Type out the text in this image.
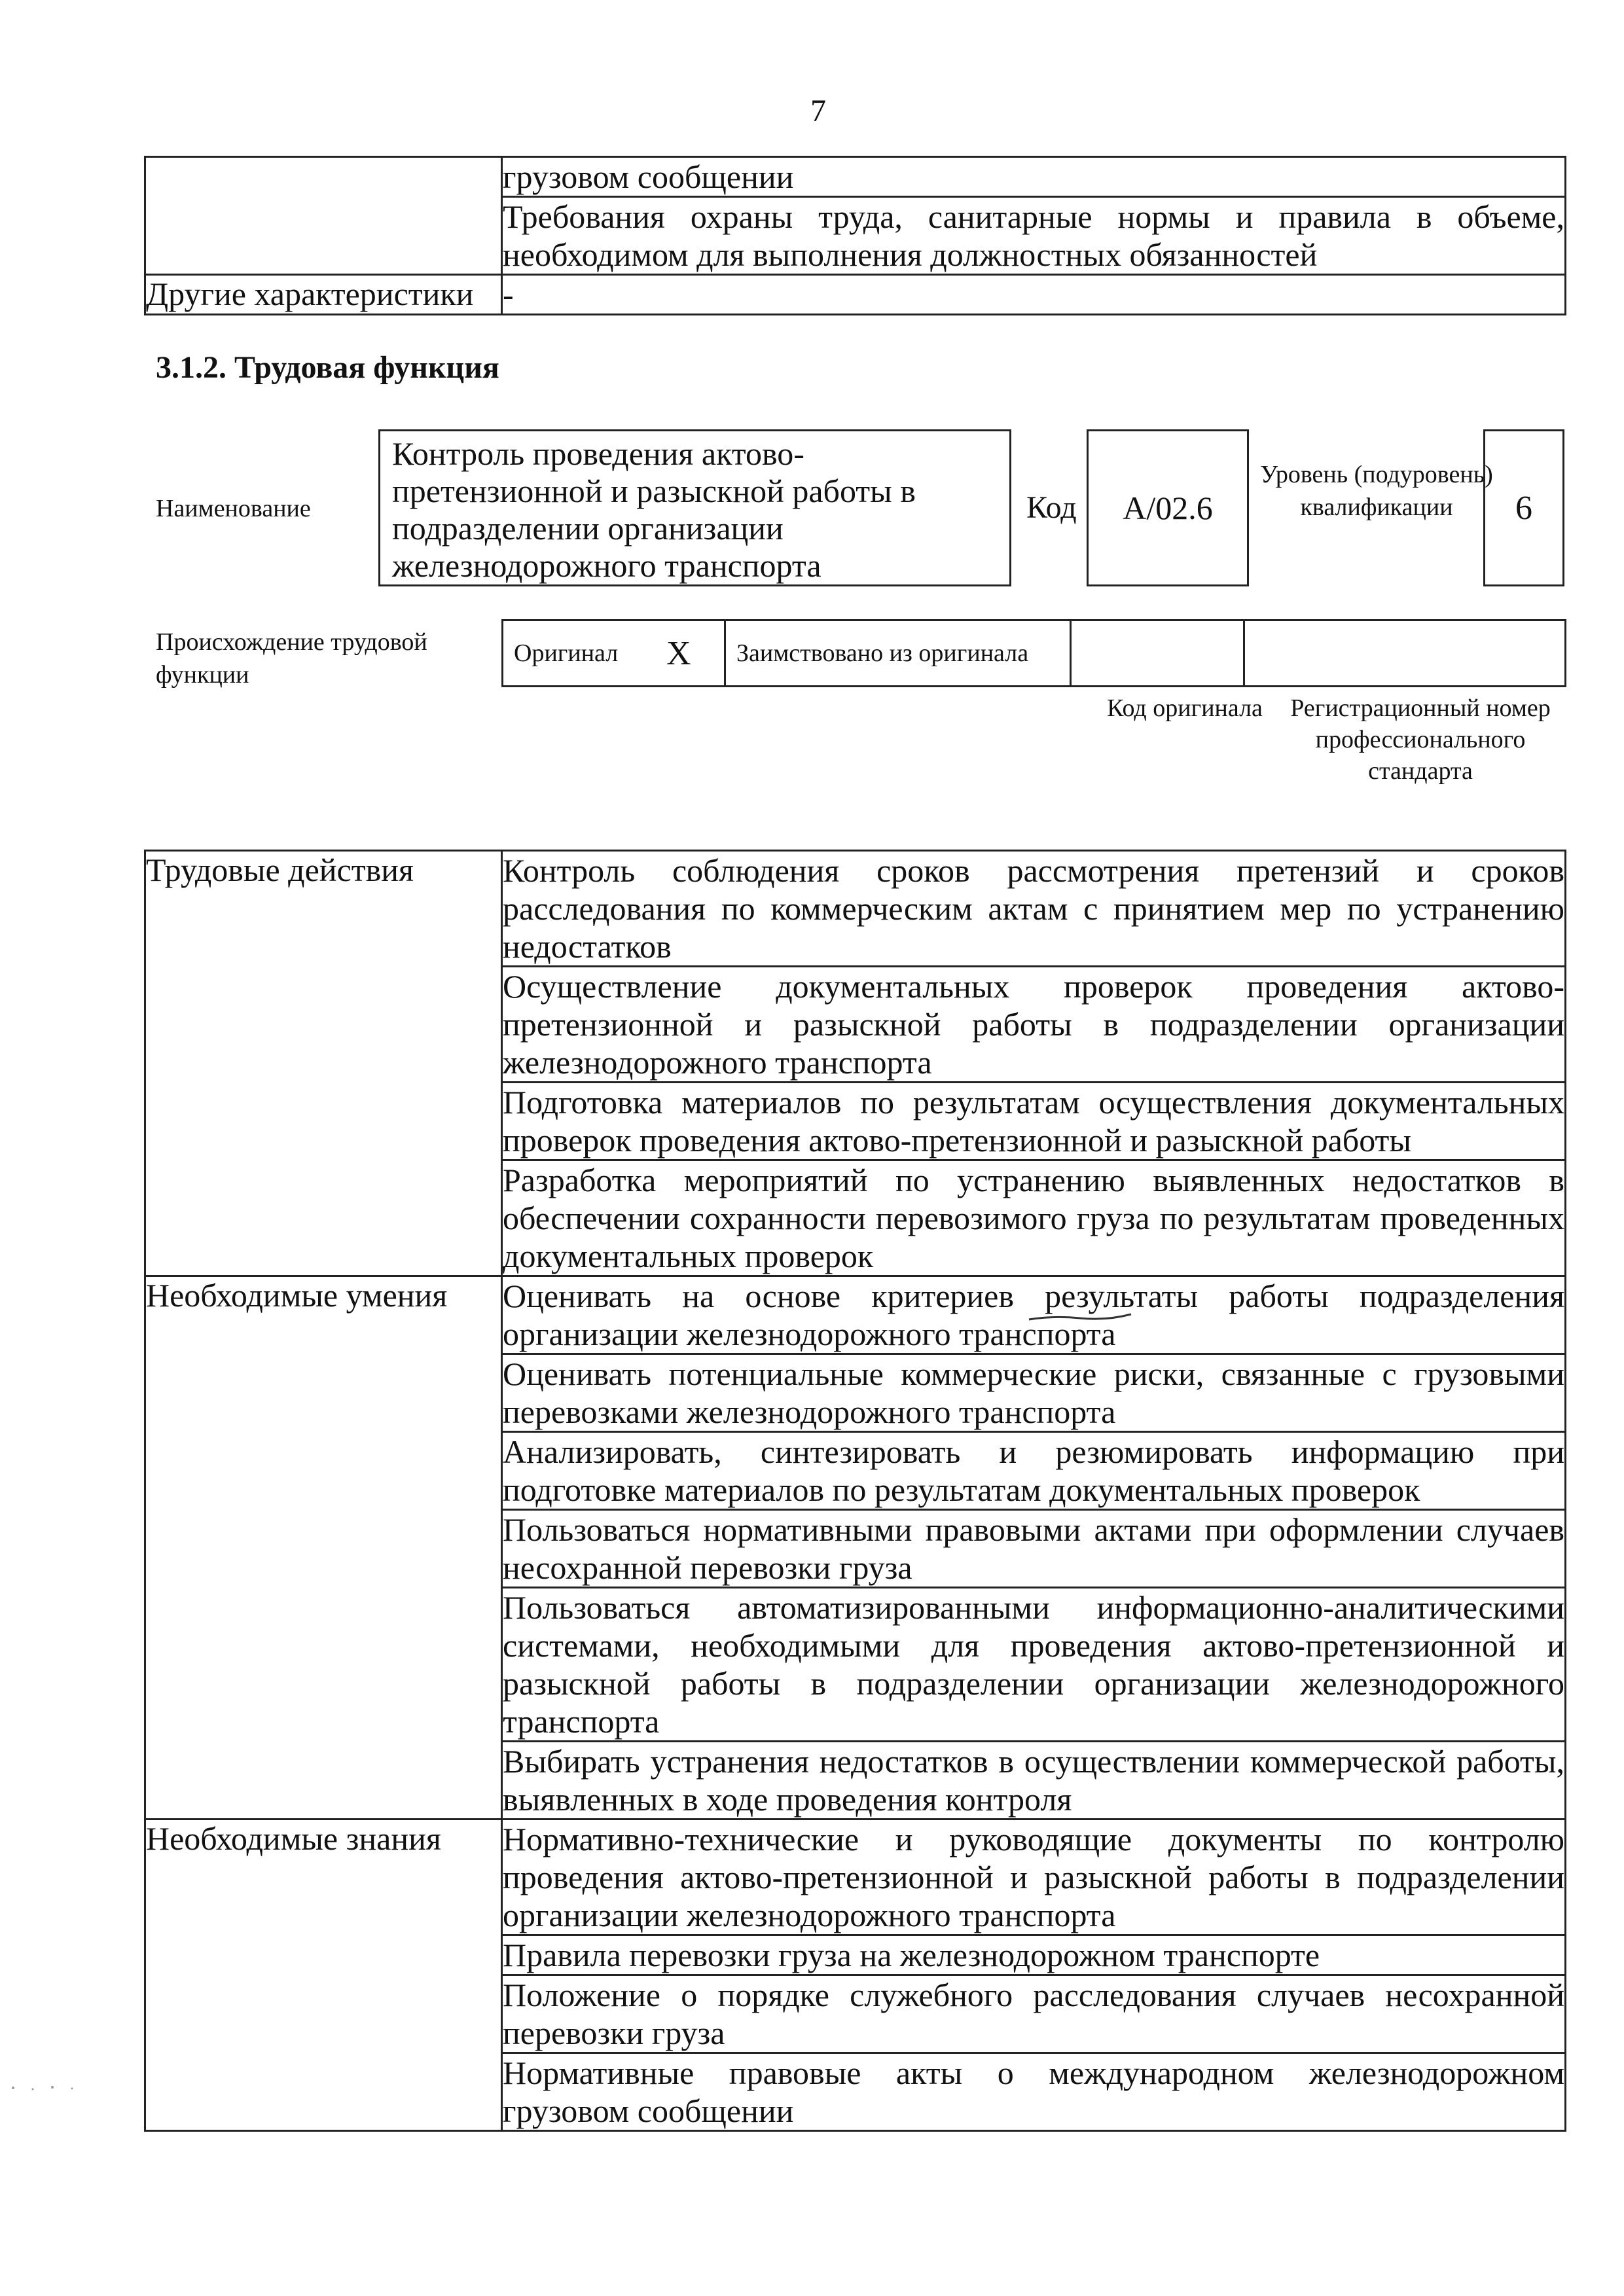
7
	грузовом сообщении
	Требования охраны труда, санитарные нормы и правила в объеме, необходимом для выполнения должностных обязанностей
Другие характеристики	-
3.1.2. Трудовая функция
Наименование
Контроль проведения актово-претензионной и разыскной работы в подразделении организации железнодорожного транспорта
Код A/02.6
Уровень (подуровень) квалификации	6
Происхождение трудовой функции
Оригинал	X	Заимствовано из оригинала		
Код оригинала Регистрационный номер профессионального стандарта
Трудовые действия	Контроль соблюдения сроков рассмотрения претензий и сроков расследования по коммерческим актам с принятием мер по устранению недостатков
	Осуществление документальных проверок проведения актово-претензионной и разыскной работы в подразделении организации железнодорожного транспорта
	Подготовка материалов по результатам осуществления документальных проверок проведения актово-претензионной и разыскной работы
	Разработка мероприятий по устранению выявленных недостатков в обеспечении сохранности перевозимого груза по результатам проведенных документальных проверок
Необходимые умения	Оценивать на основе критериев результаты работы подразделения организации железнодорожного транспорта
	Оценивать потенциальные коммерческие риски, связанные с грузовыми перевозками железнодорожного транспорта
	Анализировать, синтезировать и резюмировать информацию при подготовке материалов по результатам документальных проверок
	Пользоваться нормативными правовыми актами при оформлении случаев несохранной перевозки груза
	Пользоваться автоматизированными информационно-аналитическими системами, необходимыми для проведения актово-претензионной и разыскной работы в подразделении организации железнодорожного транспорта
	Выбирать устранения недостатков в осуществлении коммерческой работы, выявленных в ходе проведения контроля
Необходимые знания	Нормативно-технические и руководящие документы по контролю проведения актово-претензионной и разыскной работы в подразделении организации железнодорожного транспорта
	Правила перевозки груза на железнодорожном транспорте
	Положение о порядке служебного расследования случаев несохранной перевозки груза
	Нормативные правовые акты о международном железнодорожном грузовом сообщении
